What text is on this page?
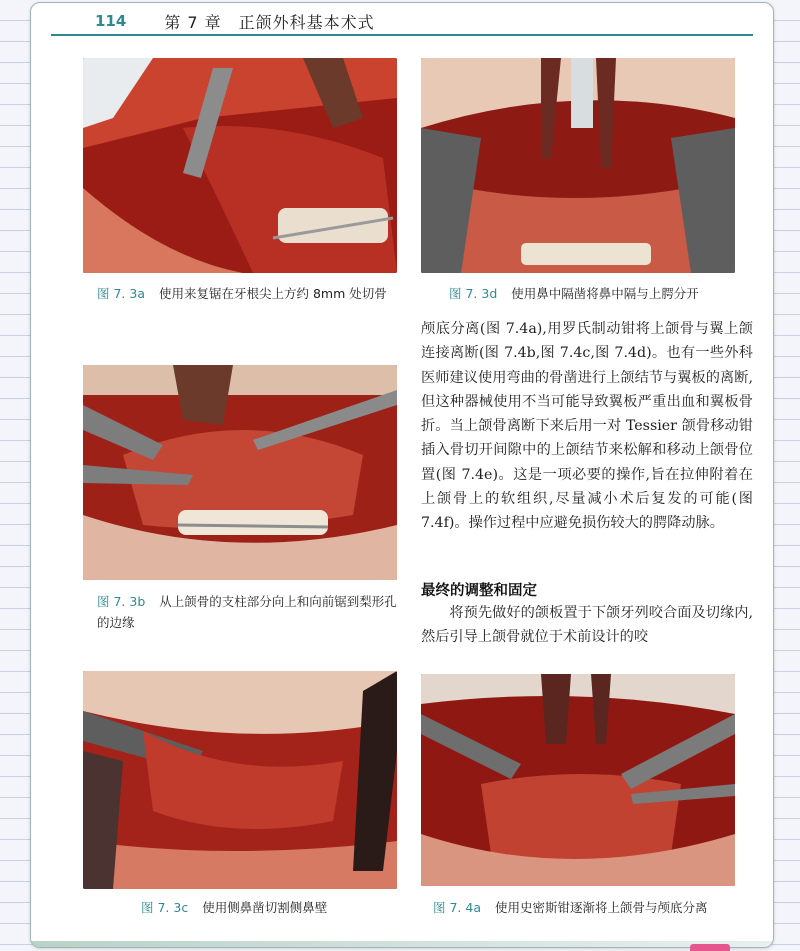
114 第 7 章　正颌外科基本术式
图 7. 3a 使用来复锯在牙根尖上方约 8mm 处切骨	图 7. 3d 使用鼻中隔凿将鼻中隔与上腭分开
图 7. 3b 从上颌骨的支柱部分向上和向前锯到梨形孔的边缘

颅底分离(图 7.4a),用罗氏制动钳将上颌骨与翼上颌连接离断(图 7.4b,图 7.4c,图 7.4d)。也有一些外科医师建议使用弯曲的骨凿进行上颌结节与翼板的离断,但这种器械使用不当可能导致翼板严重出血和翼板骨折。当上颌骨离断下来后用一对 Tessier 颌骨移动钳插入骨切开间隙中的上颌结节来松解和移动上颌骨位置(图 7.4e)。这是一项必要的操作,旨在拉伸附着在上颌骨上的软组织,尽量减小术后复发的可能(图 7.4f)。操作过程中应避免损伤较大的腭降动脉。

最终的调整和固定

将预先做好的颌板置于下颌牙列咬合面及切缘内,然后引导上颌骨就位于术前设计的咬

图 7. 3c 使用侧鼻凿切割侧鼻壁	图 7. 4a 使用史密斯钳逐渐将上颌骨与颅底分离
